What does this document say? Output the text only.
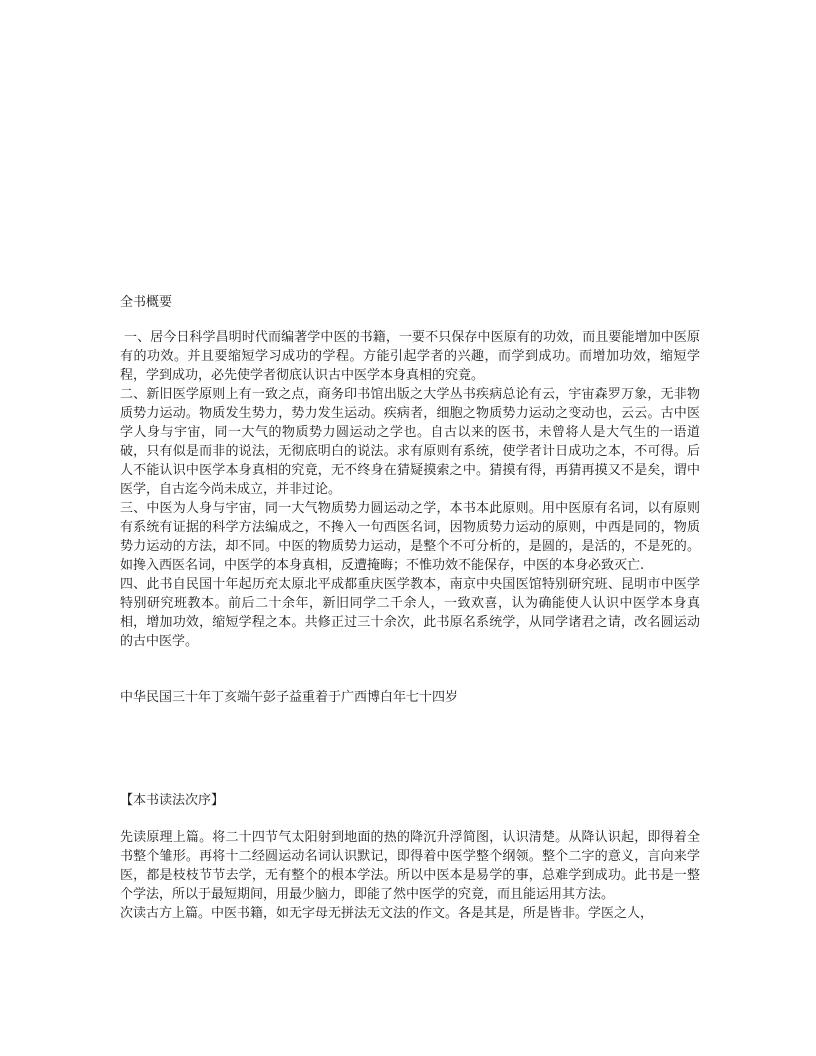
全书概要

一、居今日科学昌明时代而编著学中医的书籍，一要不只保存中医原有的功效，而且要能增加中医原有的功效。并且要缩短学习成功的学程。方能引起学者的兴趣，而学到成功。而增加功效，缩短学程，学到成功，必先使学者彻底认识古中医学本身真相的究竟。

二、新旧医学原则上有一致之点，商务印书馆出版之大学丛书疾病总论有云，宇宙森罗万象，无非物质势力运动。物质发生势力，势力发生运动。疾病者，细胞之物质势力运动之变动也，云云。古中医学人身与宇宙，同一大气的物质势力圆运动之学也。自古以来的医书，未曾将人是大气生的一语道破，只有似是而非的说法，无彻底明白的说法。求有原则有系统，使学者计日成功之本，不可得。后人不能认识中医学本身真相的究竟，无不终身在猜疑摸索之中。猜摸有得，再猜再摸又不是矣，谓中医学，自古迄今尚未成立，并非过论。

三、中医为人身与宇宙，同一大气物质势力圆运动之学，本书本此原则。用中医原有名词，以有原则有系统有证据的科学方法编成之，不搀入一句西医名词，因物质势力运动的原则，中西是同的，物质势力运动的方法，却不同。中医的物质势力运动，是整个不可分析的，是圆的，是活的，不是死的。如搀入西医名词，中医学的本身真相，反遭掩晦；不惟功效不能保存，中医的本身必致灭亡.

四、此书自民国十年起历充太原北平成都重庆医学教本，南京中央国医馆特别研究班、昆明市中医学特别研究班教本。前后二十余年，新旧同学二千余人，一致欢喜，认为确能使人认识中医学本身真相，增加功效，缩短学程之本。共修正过三十余次，此书原名系统学，从同学诸君之请，改名圆运动的古中医学。

中华民国三十年丁亥端午彭子益重着于广西博白年七十四岁

【本书读法次序】

先读原理上篇。将二十四节气太阳射到地面的热的降沉升浮简图，认识清楚。从降认识起，即得着全书整个雏形。再将十二经圆运动名词认识默记，即得着中医学整个纲领。整个二字的意义，言向来学医，都是枝枝节节去学，无有整个的根本学法。所以中医本是易学的事，总难学到成功。此书是一整个学法，所以于最短期间，用最少脑力，即能了然中医学的究竟，而且能运用其方法。

次读古方上篇。中医书籍，如无字母无拼法无文法的作文。各是其是，所是皆非。学医之人，
